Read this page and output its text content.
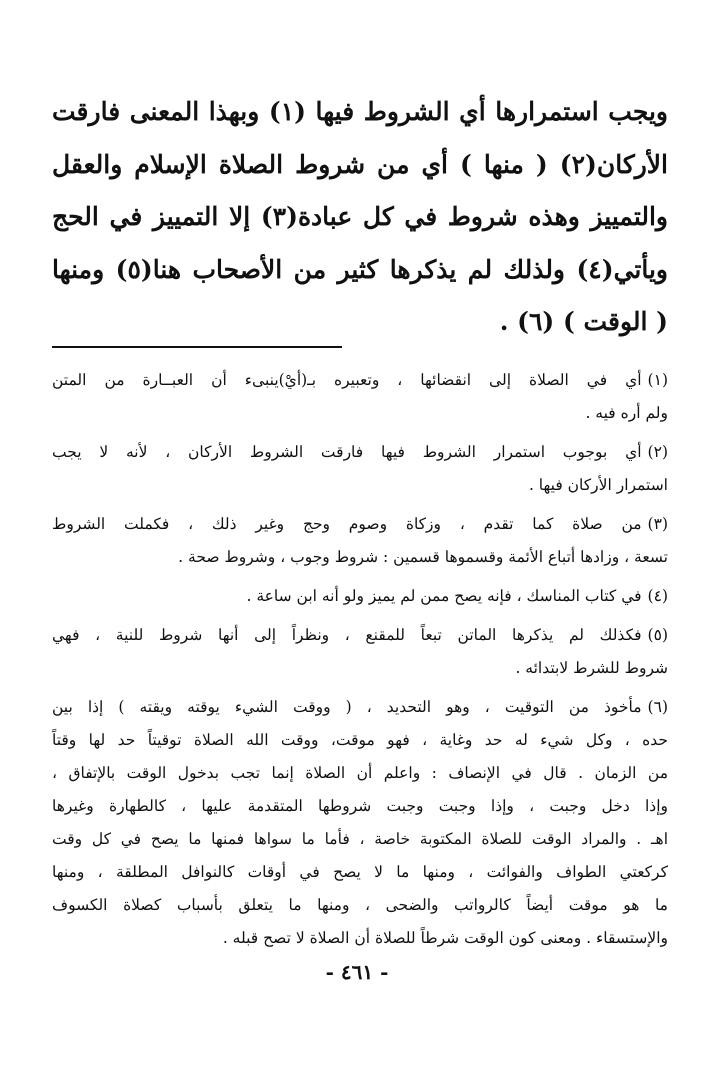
ويجب استمرارها أي الشروط فيها (١) وبهذا المعنى فارقت
الأركان(٢) ( منها ) أي من شروط الصلاة الإسلام والعقل
والتمييز وهذه شروط في كل عبادة(٣) إلا التمييز في الحج
ويأتي(٤) ولذلك لم يذكرها كثير من الأصحاب هنا(٥) ومنها
( الوقت ) (٦) .

(١)أي في الصلاة إلى انقضائها ، وتعبيره بـ(أيْ)ينبىء أن العبــارة من المتن
ولم أره فيه .
(٢)أي بوجوب استمرار الشروط فيها فارقت الشروط الأركان ، لأنه لا يجب
استمرار الأركان فيها .
(٣)من صلاة كما تقدم ، وزكاة وصوم وحج وغير ذلك ، فكملت الشروط
تسعة ، وزادها أتباع الأئمة وقسموها قسمين : شروط وجوب ، وشروط صحة .
(٤)في كتاب المناسك ، فإنه يصح ممن لم يميز ولو أنه ابن ساعة .
(٥)فكذلك لم يذكرها الماتن تبعاً للمقنع ، ونظراً إلى أنها شروط للنية ، فهي
شروط للشرط لابتدائه .
(٦)مأخوذ من التوقيت ، وهو التحديد ، ( ووقت الشيء يوقته ويقته ) إذا بين
حده ، وكل شيء له حد وغاية ، فهو موقت، ووقت الله الصلاة توقيتاً حد لها وقتاً
من الزمان . قال في الإنصاف : واعلم أن الصلاة إنما تجب بدخول الوقت بالإتفاق ،
وإذا دخل وجبت ، وإذا وجبت وجبت شروطها المتقدمة عليها ، كالطهارة وغيرها
اهـ . والمراد الوقت للصلاة المكتوبة خاصة ، فأما ما سواها فمنها ما يصح في كل وقت
كركعتي الطواف والفوائت ، ومنها ما لا يصح في أوقات كالنوافل المطلقة ، ومنها
ما هو موقت أيضاً كالرواتب والضحى ، ومنها ما يتعلق بأسباب كصلاة الكسوف
والإستسقاء . ومعنى كون الوقت شرطاً للصلاة أن الصلاة لا تصح قبله .
- ٤٦١ -
